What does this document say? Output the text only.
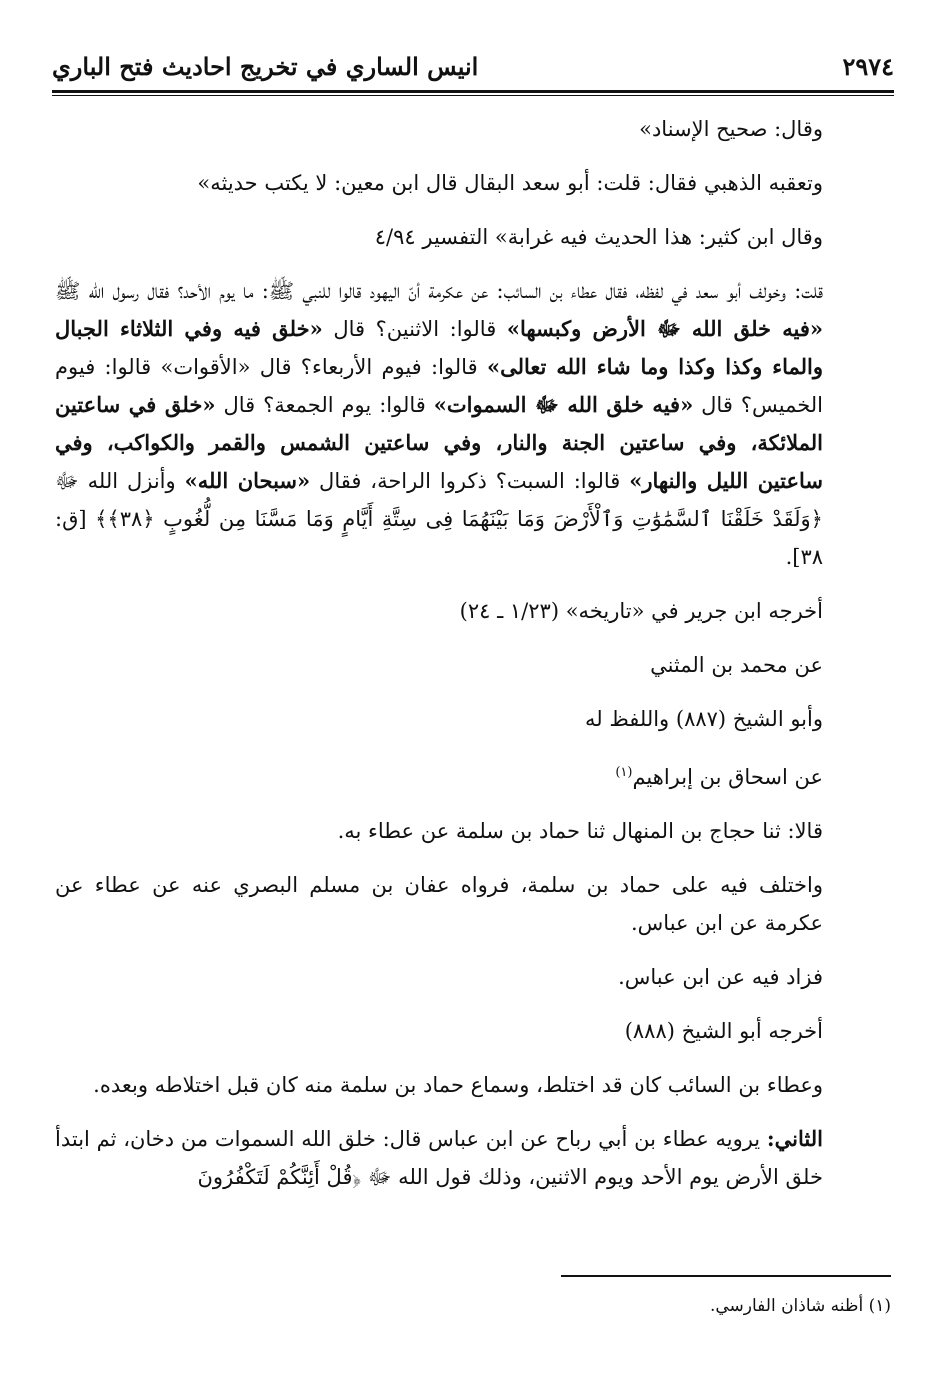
٢٩٧٤
انيس الساري في تخريج احاديث فتح الباري

وقال: صحيح الإسناد»

وتعقبه الذهبي فقال: قلت: أبو سعد البقال قال ابن معين: لا يكتب حديثه»

وقال ابن كثير: هذا الحديث فيه غرابة» التفسير ٤/٩٤

قلت: وخولف أبو سعد في لفظه، فقال عطاء بن السائب: عن عكرمة أنّ اليهود قالوا للنبي ﷺ: ما يوم الأحد؟ فقال رسول الله ﷺ «فيه خلق الله ﷻ الأرض وكبسها» قالوا: الاثنين؟ قال «خلق فيه وفي الثلاثاء الجبال والماء وكذا وكذا وما شاء الله تعالى» قالوا: فيوم الأربعاء؟ قال «الأقوات» قالوا: فيوم الخميس؟ قال «فيه خلق الله ﷻ السموات» قالوا: يوم الجمعة؟ قال «خلق في ساعتين الملائكة، وفي ساعتين الجنة والنار، وفي ساعتين الشمس والقمر والكواكب، وفي ساعتين الليل والنهار» قالوا: السبت؟ ذكروا الراحة، فقال «سبحان الله» وأنزل الله ﷻ ﴿وَلَقَدْ خَلَقْنَا ٱلسَّمَٰوَٰتِ وَٱلْأَرْضَ وَمَا بَيْنَهُمَا فِى سِتَّةِ أَيَّامٍ وَمَا مَسَّنَا مِن لُّغُوبٍ ﴿٣٨﴾﴾ [ق: ٣٨].

أخرجه ابن جرير في «تاريخه» (١/٢٣ ـ ٢٤)

عن محمد بن المثني

وأبو الشيخ (٨٨٧) واللفظ له

عن اسحاق بن إبراهيم$^{(١)}$

قالا: ثنا حجاج بن المنهال ثنا حماد بن سلمة عن عطاء به.

واختلف فيه على حماد بن سلمة، فرواه عفان بن مسلم البصري عنه عن عطاء عن عكرمة عن ابن عباس.

فزاد فيه عن ابن عباس.

أخرجه أبو الشيخ (٨٨٨)

وعطاء بن السائب كان قد اختلط، وسماع حماد بن سلمة منه كان قبل اختلاطه وبعده.

الثاني: يرويه عطاء بن أبي رباح عن ابن عباس قال: خلق الله السموات من دخان، ثم ابتدأ خلق الأرض يوم الأحد ويوم الاثنين، وذلك قول الله ﷻ ﴿قُلْ أَئِنَّكُمْ لَتَكْفُرُونَ

(١) أظنه شاذان الفارسي.
